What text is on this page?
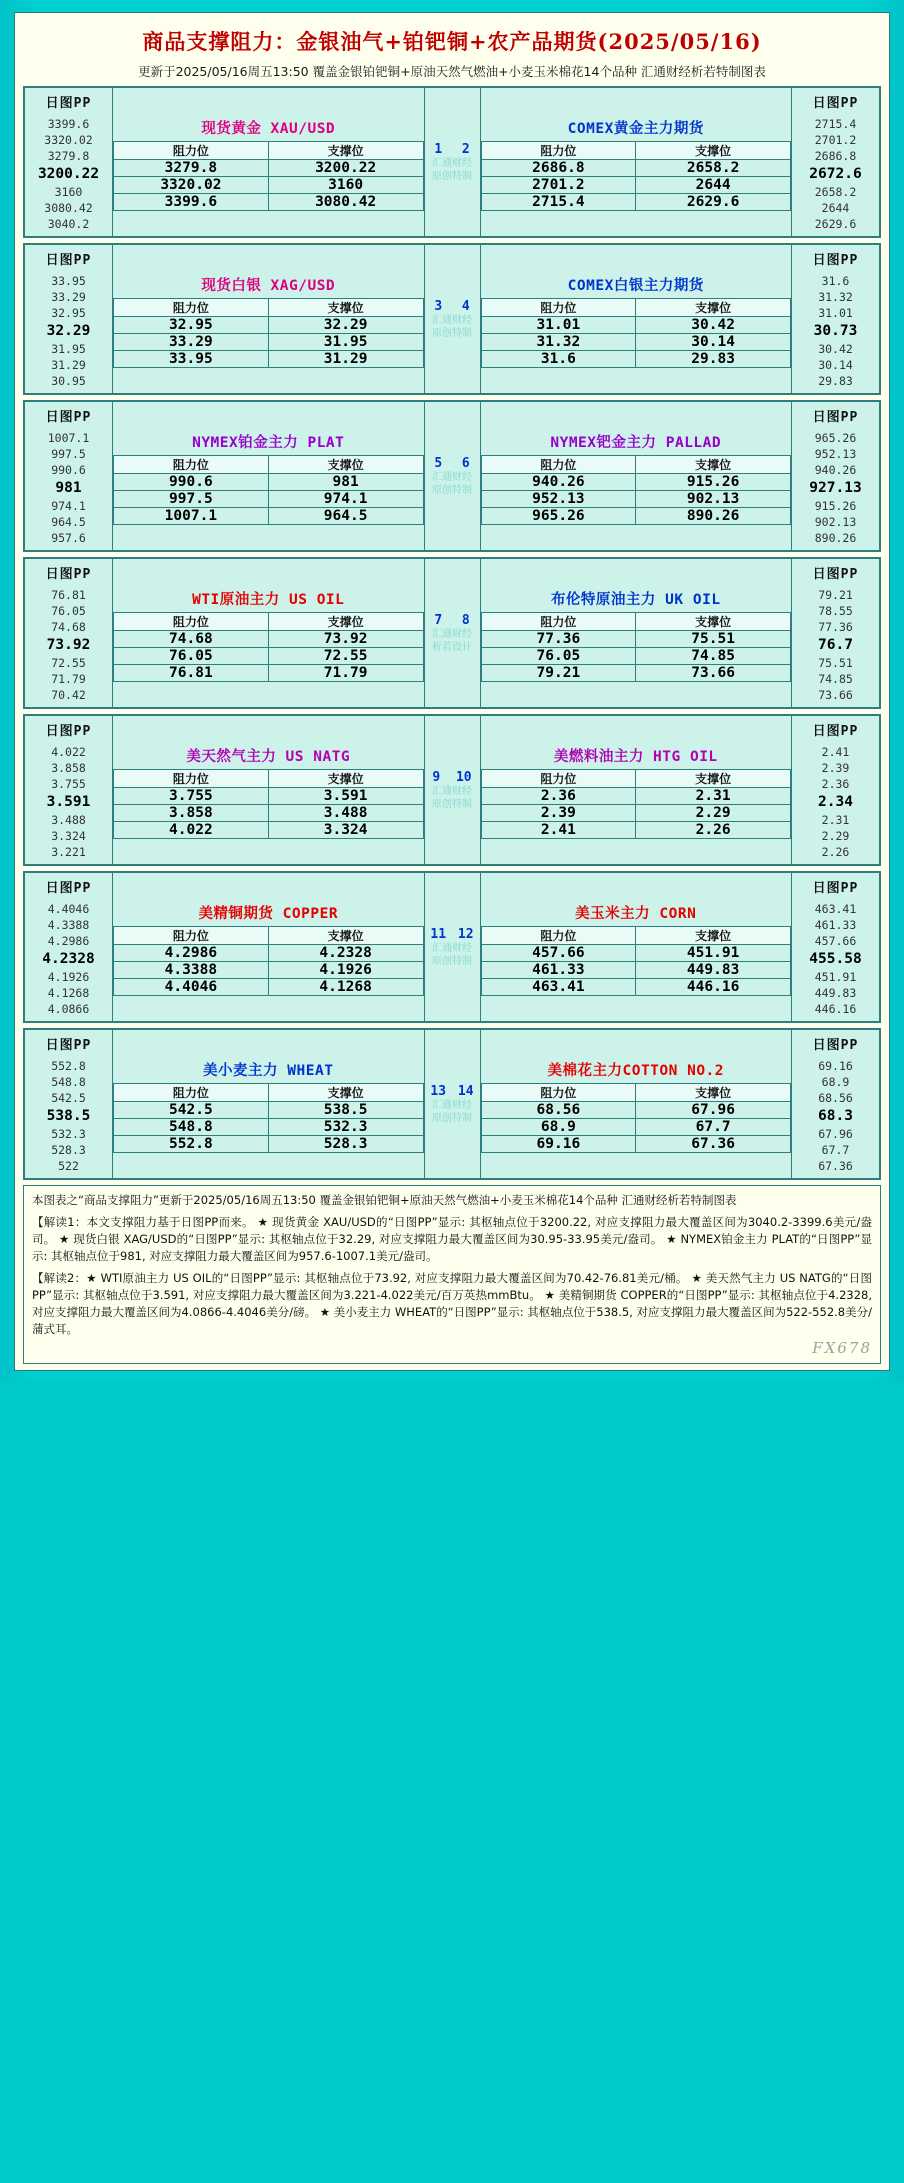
商品支撑阻力：金银油气+铂钯铜+农产品期货(2025/05/16)
更新于2025/05/16周五13:50 覆盖金银铂钯铜+原油天然气燃油+小麦玉米棉花14个品种 汇通财经析若特制图表
日图PP
3399.6
3320.02
3279.8
3200.22
3160
3080.42
3040.2

现货黄金 XAU/USD
阻力位	支撑位
3279.8	3200.22
3320.02	3160
3399.6	3080.42

1 2
汇通财经
原创特制

COMEX黄金主力期货
阻力位	支撑位
2686.8	2658.2
2701.2	2644
2715.4	2629.6

日图PP
2715.4
2701.2
2686.8
2672.6
2658.2
2644
2629.6
日图PP
33.95
33.29
32.95
32.29
31.95
31.29
30.95

现货白银 XAG/USD
阻力位	支撑位
32.95	32.29
33.29	31.95
33.95	31.29

3 4
汇通财经
原创特制

COMEX白银主力期货
阻力位	支撑位
31.01	30.42
31.32	30.14
31.6	29.83

日图PP
31.6
31.32
31.01
30.73
30.42
30.14
29.83
日图PP
1007.1
997.5
990.6
981
974.1
964.5
957.6

NYMEX铂金主力 PLAT
阻力位	支撑位
990.6	981
997.5	974.1
1007.1	964.5

5 6
汇通财经
原创特制

NYMEX钯金主力 PALLAD
阻力位	支撑位
940.26	915.26
952.13	902.13
965.26	890.26

日图PP
965.26
952.13
940.26
927.13
915.26
902.13
890.26
日图PP
76.81
76.05
74.68
73.92
72.55
71.79
70.42

WTI原油主力 US OIL
阻力位	支撑位
74.68	73.92
76.05	72.55
76.81	71.79

7 8
汇通财经
析若设计

布伦特原油主力 UK OIL
阻力位	支撑位
77.36	75.51
76.05	74.85
79.21	73.66

日图PP
79.21
78.55
77.36
76.7
75.51
74.85
73.66
日图PP
4.022
3.858
3.755
3.591
3.488
3.324
3.221

美天然气主力 US NATG
阻力位	支撑位
3.755	3.591
3.858	3.488
4.022	3.324

9 10
汇通财经
原创特制

美燃料油主力 HTG OIL
阻力位	支撑位
2.36	2.31
2.39	2.29
2.41	2.26

日图PP
2.41
2.39
2.36
2.34
2.31
2.29
2.26
日图PP
4.4046
4.3388
4.2986
4.2328
4.1926
4.1268
4.0866

美精铜期货 COPPER
阻力位	支撑位
4.2986	4.2328
4.3388	4.1926
4.4046	4.1268

11 12
汇通财经
原创特制

美玉米主力 CORN
阻力位	支撑位
457.66	451.91
461.33	449.83
463.41	446.16

日图PP
463.41
461.33
457.66
455.58
451.91
449.83
446.16
日图PP
552.8
548.8
542.5
538.5
532.3
528.3
522

美小麦主力 WHEAT
阻力位	支撑位
542.5	538.5
548.8	532.3
552.8	528.3

13 14
汇通财经
原创特制

美棉花主力COTTON NO.2
阻力位	支撑位
68.56	67.96
68.9	67.7
69.16	67.36

日图PP
69.16
68.9
68.56
68.3
67.96
67.7
67.36
本图表之“商品支撑阻力”更新于2025/05/16周五13:50 覆盖金银铂钯铜+原油天然气燃油+小麦玉米棉花14个品种 汇通财经析若特制图表

【解读1：本文支撑阻力基于日图PP而来。 ★ 现货黄金 XAU/USD的“日图PP”显示: 其枢轴点位于3200.22, 对应支撑阻力最大覆盖区间为3040.2-3399.6美元/盎司。 ★ 现货白银 XAG/USD的“日图PP”显示: 其枢轴点位于32.29, 对应支撑阻力最大覆盖区间为30.95-33.95美元/盎司。 ★ NYMEX铂金主力 PLAT的“日图PP”显示: 其枢轴点位于981, 对应支撑阻力最大覆盖区间为957.6-1007.1美元/盎司。

【解读2：★ WTI原油主力 US OIL的“日图PP”显示: 其枢轴点位于73.92, 对应支撑阻力最大覆盖区间为70.42-76.81美元/桶。 ★ 美天然气主力 US NATG的“日图PP”显示: 其枢轴点位于3.591, 对应支撑阻力最大覆盖区间为3.221-4.022美元/百万英热mmBtu。 ★ 美精铜期货 COPPER的“日图PP”显示: 其枢轴点位于4.2328, 对应支撑阻力最大覆盖区间为4.0866-4.4046美分/磅。 ★ 美小麦主力 WHEAT的“日图PP”显示: 其枢轴点位于538.5, 对应支撑阻力最大覆盖区间为522-552.8美分/蒲式耳。

FX678
